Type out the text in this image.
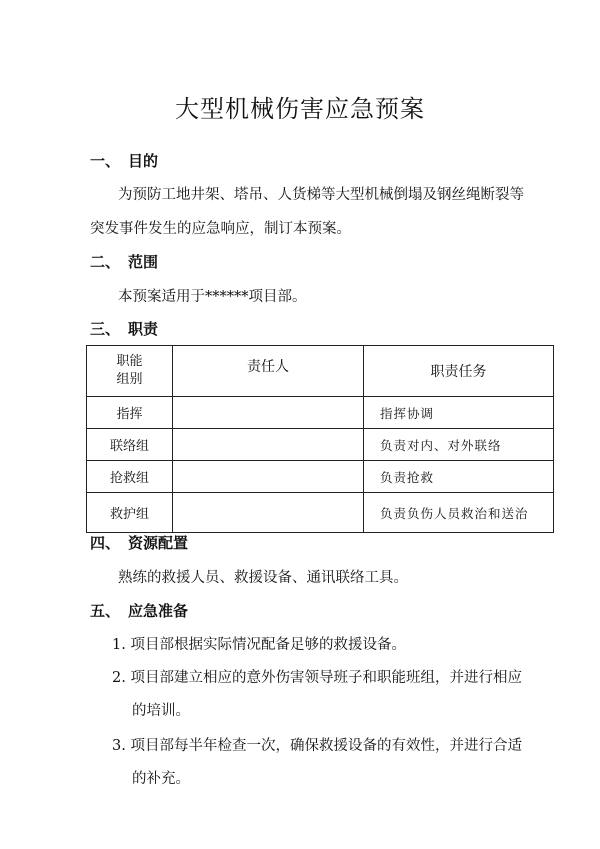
大型机械伤害应急预案
一、 目的
为预防工地井架、塔吊、人货梯等大型机械倒塌及钢丝绳断裂等
突发事件发生的应急响应，制订本预案。
二、 范围
本预案适用于******项目部。
三、 职责
职能
组别	责任人	职责任务
指挥		指挥协调
联络组		负责对内、对外联络
抢救组		负责抢救
救护组		负责负伤人员救治和送治
四、 资源配置
熟练的救援人员、救援设备、通讯联络工具。
五、 应急准备
1. 项目部根据实际情况配备足够的救援设备。
2. 项目部建立相应的意外伤害领导班子和职能班组，并进行相应
的培训。
3. 项目部每半年检查一次，确保救援设备的有效性，并进行合适
的补充。
